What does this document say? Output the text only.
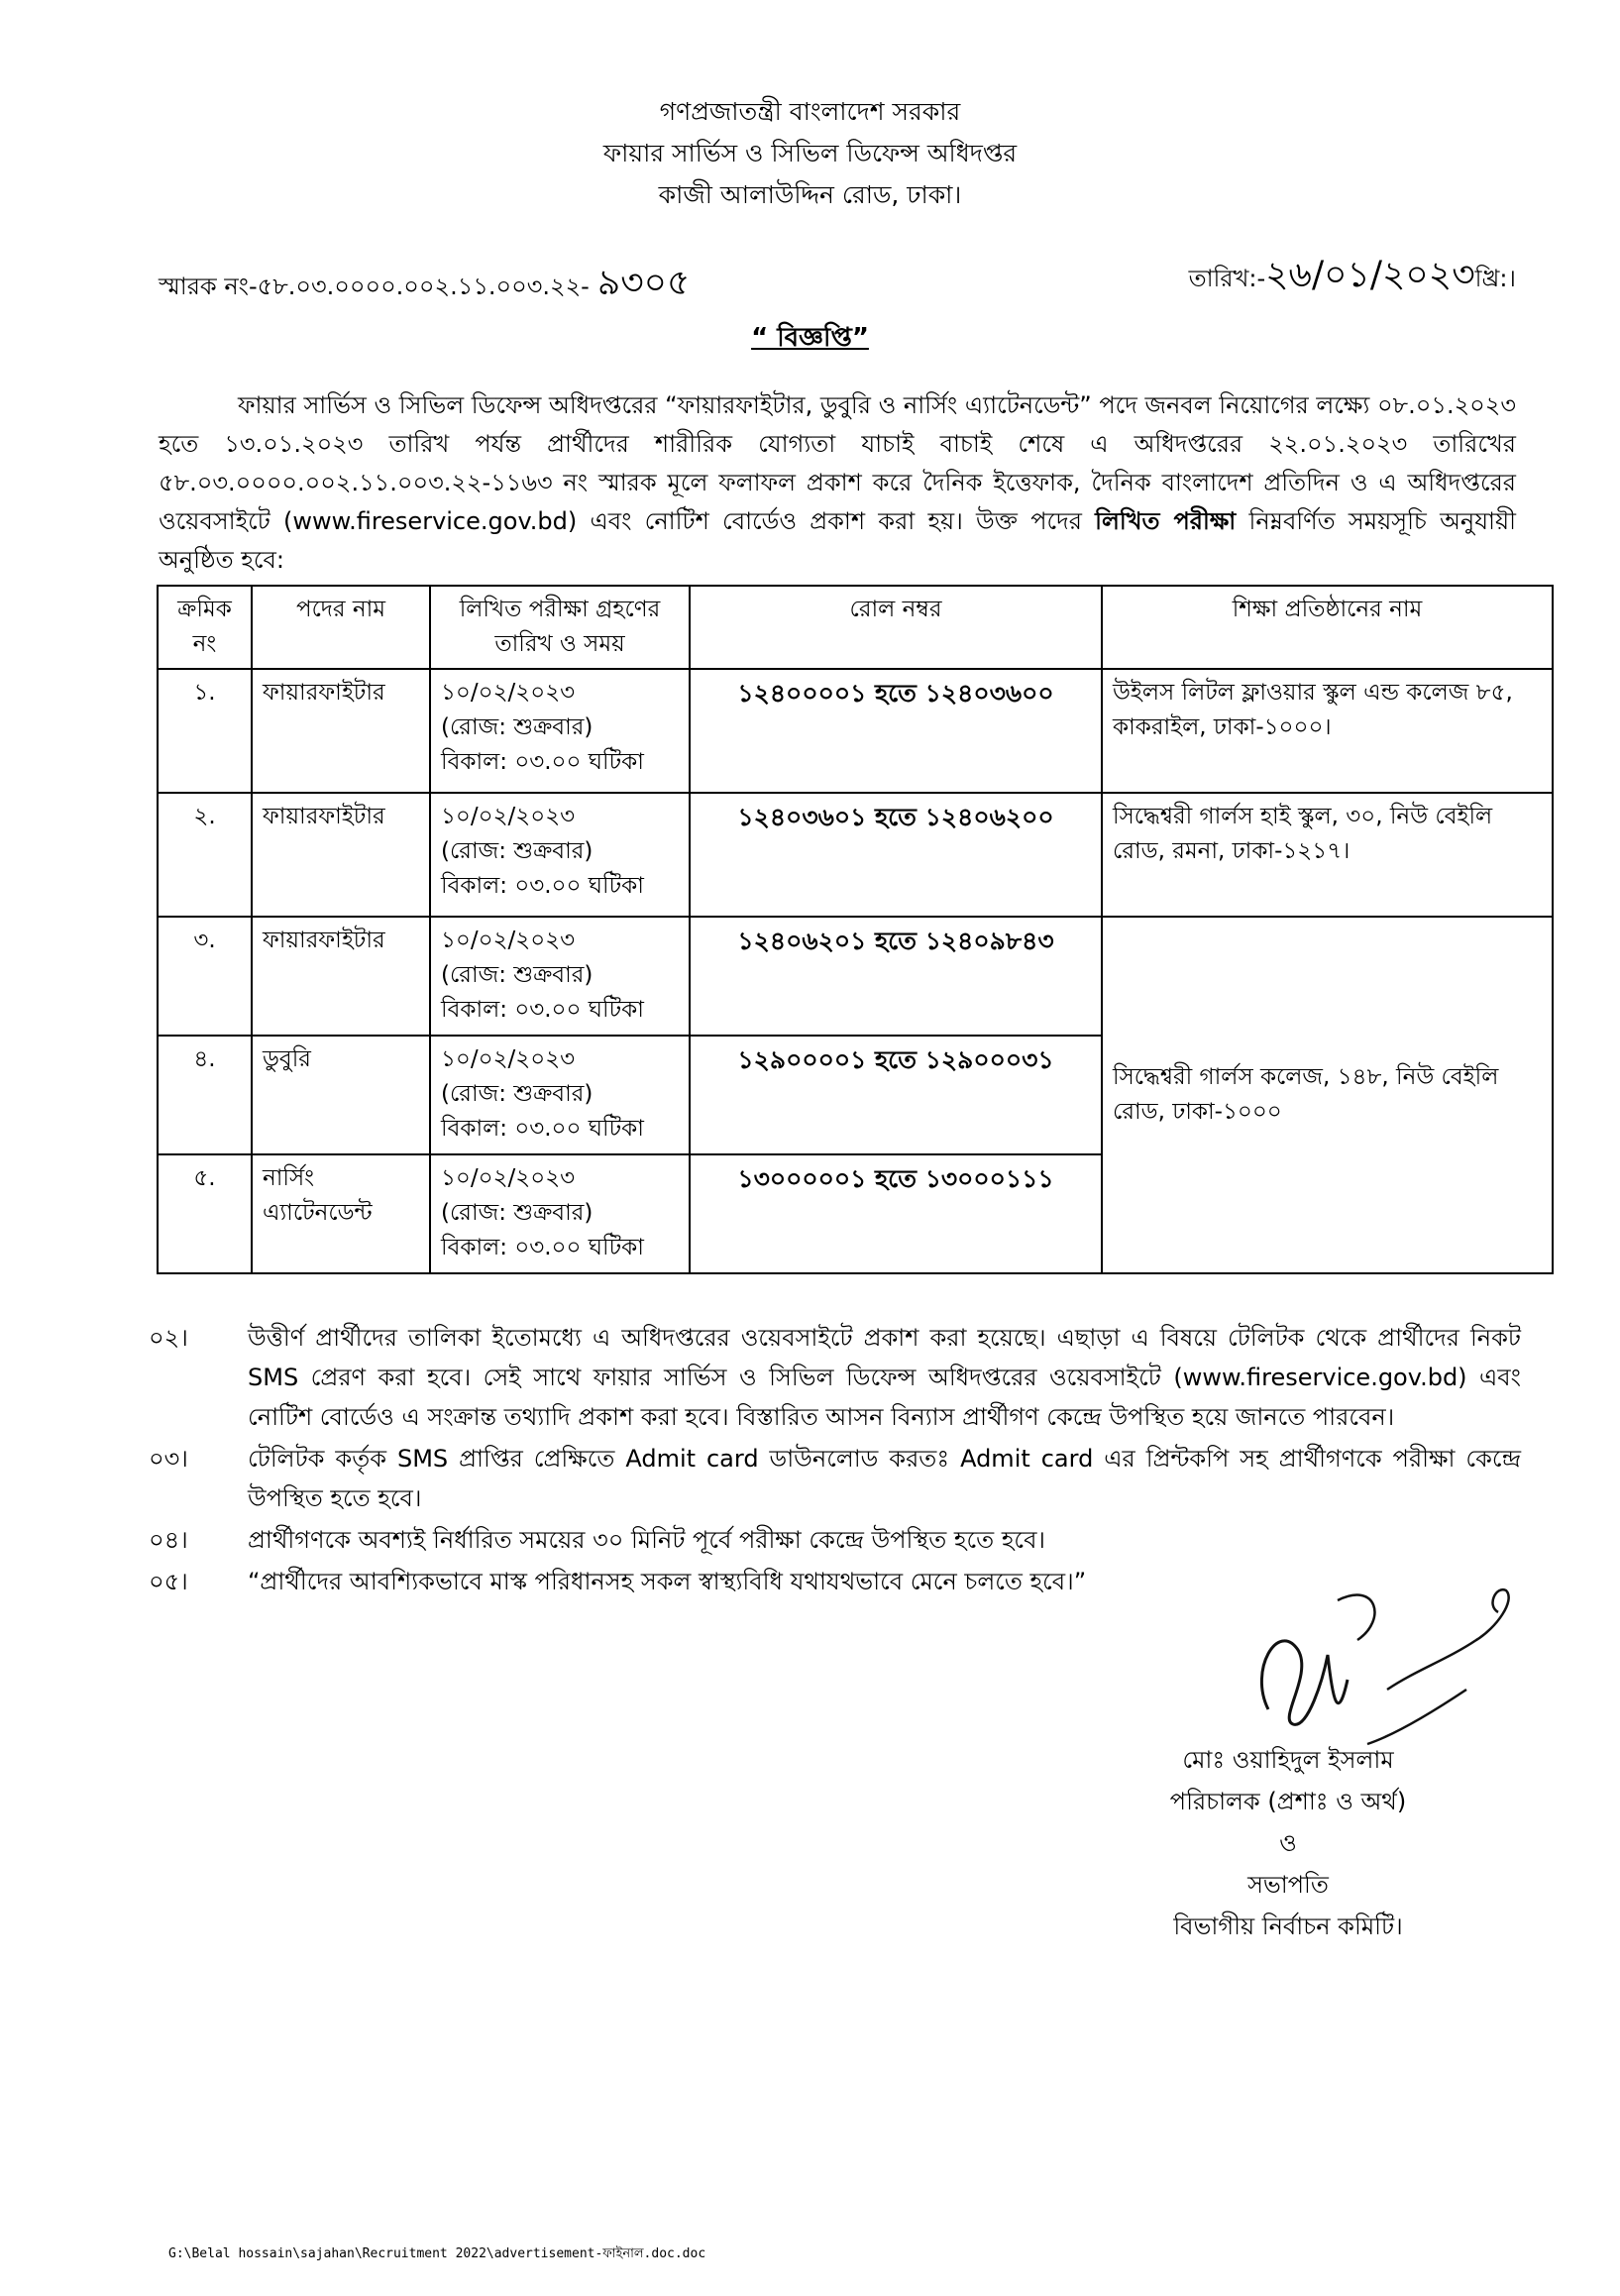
গণপ্রজাতন্ত্রী বাংলাদেশ সরকার
ফায়ার সার্ভিস ও সিভিল ডিফেন্স অধিদপ্তর
কাজী আলাউদ্দিন রোড, ঢাকা।
স্মারক নং-৫৮.০৩.০০০০.০০২.১১.০০৩.২২- ৯৩০৫	তারিখ:-২৬/০১/২০২৩খ্রি:।
“ বিজ্ঞপ্তি”
ফায়ার সার্ভিস ও সিভিল ডিফেন্স অধিদপ্তরের “ফায়ারফাইটার, ডুবুরি ও নার্সিং এ্যাটেনডেন্ট” পদে জনবল নিয়োগের লক্ষ্যে ০৮.০১.২০২৩ হতে ১৩.০১.২০২৩ তারিখ পর্যন্ত প্রার্থীদের শারীরিক যোগ্যতা যাচাই বাচাই শেষে এ অধিদপ্তরের ২২.০১.২০২৩ তারিখের ৫৮.০৩.০০০০.০০২.১১.০০৩.২২-১১৬৩ নং স্মারক মূলে ফলাফল প্রকাশ করে দৈনিক ইত্তেফাক, দৈনিক বাংলাদেশ প্রতিদিন ও এ অধিদপ্তরের ওয়েবসাইটে (www.fireservice.gov.bd) এবং নোটিশ বোর্ডেও প্রকাশ করা হয়। উক্ত পদের লিখিত পরীক্ষা নিম্নবর্ণিত সময়সূচি অনুযায়ী অনুষ্ঠিত হবে:
ক্রমিক নং	পদের নাম	লিখিত পরীক্ষা গ্রহণের তারিখ ও সময়	রোল নম্বর	শিক্ষা প্রতিষ্ঠানের নাম
১.	ফায়ারফাইটার	১০/০২/২০২৩
(রোজ: শুক্রবার)
বিকাল: ০৩.০০ ঘটিকা	১২৪০০০০১ হতে ১২৪০৩৬০০	উইলস লিটল ফ্লাওয়ার স্কুল এন্ড কলেজ ৮৫, কাকরাইল, ঢাকা-১০০০।
২.	ফায়ারফাইটার	১০/০২/২০২৩
(রোজ: শুক্রবার)
বিকাল: ০৩.০০ ঘটিকা	১২৪০৩৬০১ হতে ১২৪০৬২০০	সিদ্ধেশ্বরী গার্লস হাই স্কুল, ৩০, নিউ বেইলি রোড, রমনা, ঢাকা-১২১৭।
৩.	ফায়ারফাইটার	১০/০২/২০২৩
(রোজ: শুক্রবার)
বিকাল: ০৩.০০ ঘটিকা	১২৪০৬২০১ হতে ১২৪০৯৮৪৩	সিদ্ধেশ্বরী গার্লস কলেজ, ১৪৮, নিউ বেইলি রোড, ঢাকা-১০০০
৪.	ডুবুরি	১০/০২/২০২৩
(রোজ: শুক্রবার)
বিকাল: ০৩.০০ ঘটিকা	১২৯০০০০১ হতে ১২৯০০০৩১	
৫.	নার্সিং এ্যাটেনডেন্ট	১০/০২/২০২৩
(রোজ: শুক্রবার)
বিকাল: ০৩.০০ ঘটিকা	১৩০০০০০১ হতে ১৩০০০১১১	
০২।	উত্তীর্ণ প্রার্থীদের তালিকা ইতোমধ্যে এ অধিদপ্তরের ওয়েবসাইটে প্রকাশ করা হয়েছে। এছাড়া এ বিষয়ে টেলিটক থেকে প্রার্থীদের নিকট SMS প্রেরণ করা হবে। সেই সাথে ফায়ার সার্ভিস ও সিভিল ডিফেন্স অধিদপ্তরের ওয়েবসাইটে (www.fireservice.gov.bd) এবং নোটিশ বোর্ডেও এ সংক্রান্ত তথ্যাদি প্রকাশ করা হবে। বিস্তারিত আসন বিন্যাস প্রার্থীগণ কেন্দ্রে উপস্থিত হয়ে জানতে পারবেন।
০৩।	টেলিটক কর্তৃক SMS প্রাপ্তির প্রেক্ষিতে Admit card ডাউনলোড করতঃ Admit card এর প্রিন্টকপি সহ প্রার্থীগণকে পরীক্ষা কেন্দ্রে উপস্থিত হতে হবে।
০৪।	প্রার্থীগণকে অবশ্যই নির্ধারিত সময়ের ৩০ মিনিট পূর্বে পরীক্ষা কেন্দ্রে উপস্থিত হতে হবে।
০৫।	“প্রার্থীদের আবশ্যিকভাবে মাস্ক পরিধানসহ সকল স্বাস্থ্যবিধি যথাযথভাবে মেনে চলতে হবে।”
মোঃ ওয়াহিদুল ইসলাম
পরিচালক (প্রশাঃ ও অর্থ)
ও
সভাপতি
বিভাগীয় নির্বাচন কমিটি।
G:\Belal hossain\sajahan\Recruitment 2022\advertisement-ফাইনাল.doc.doc
